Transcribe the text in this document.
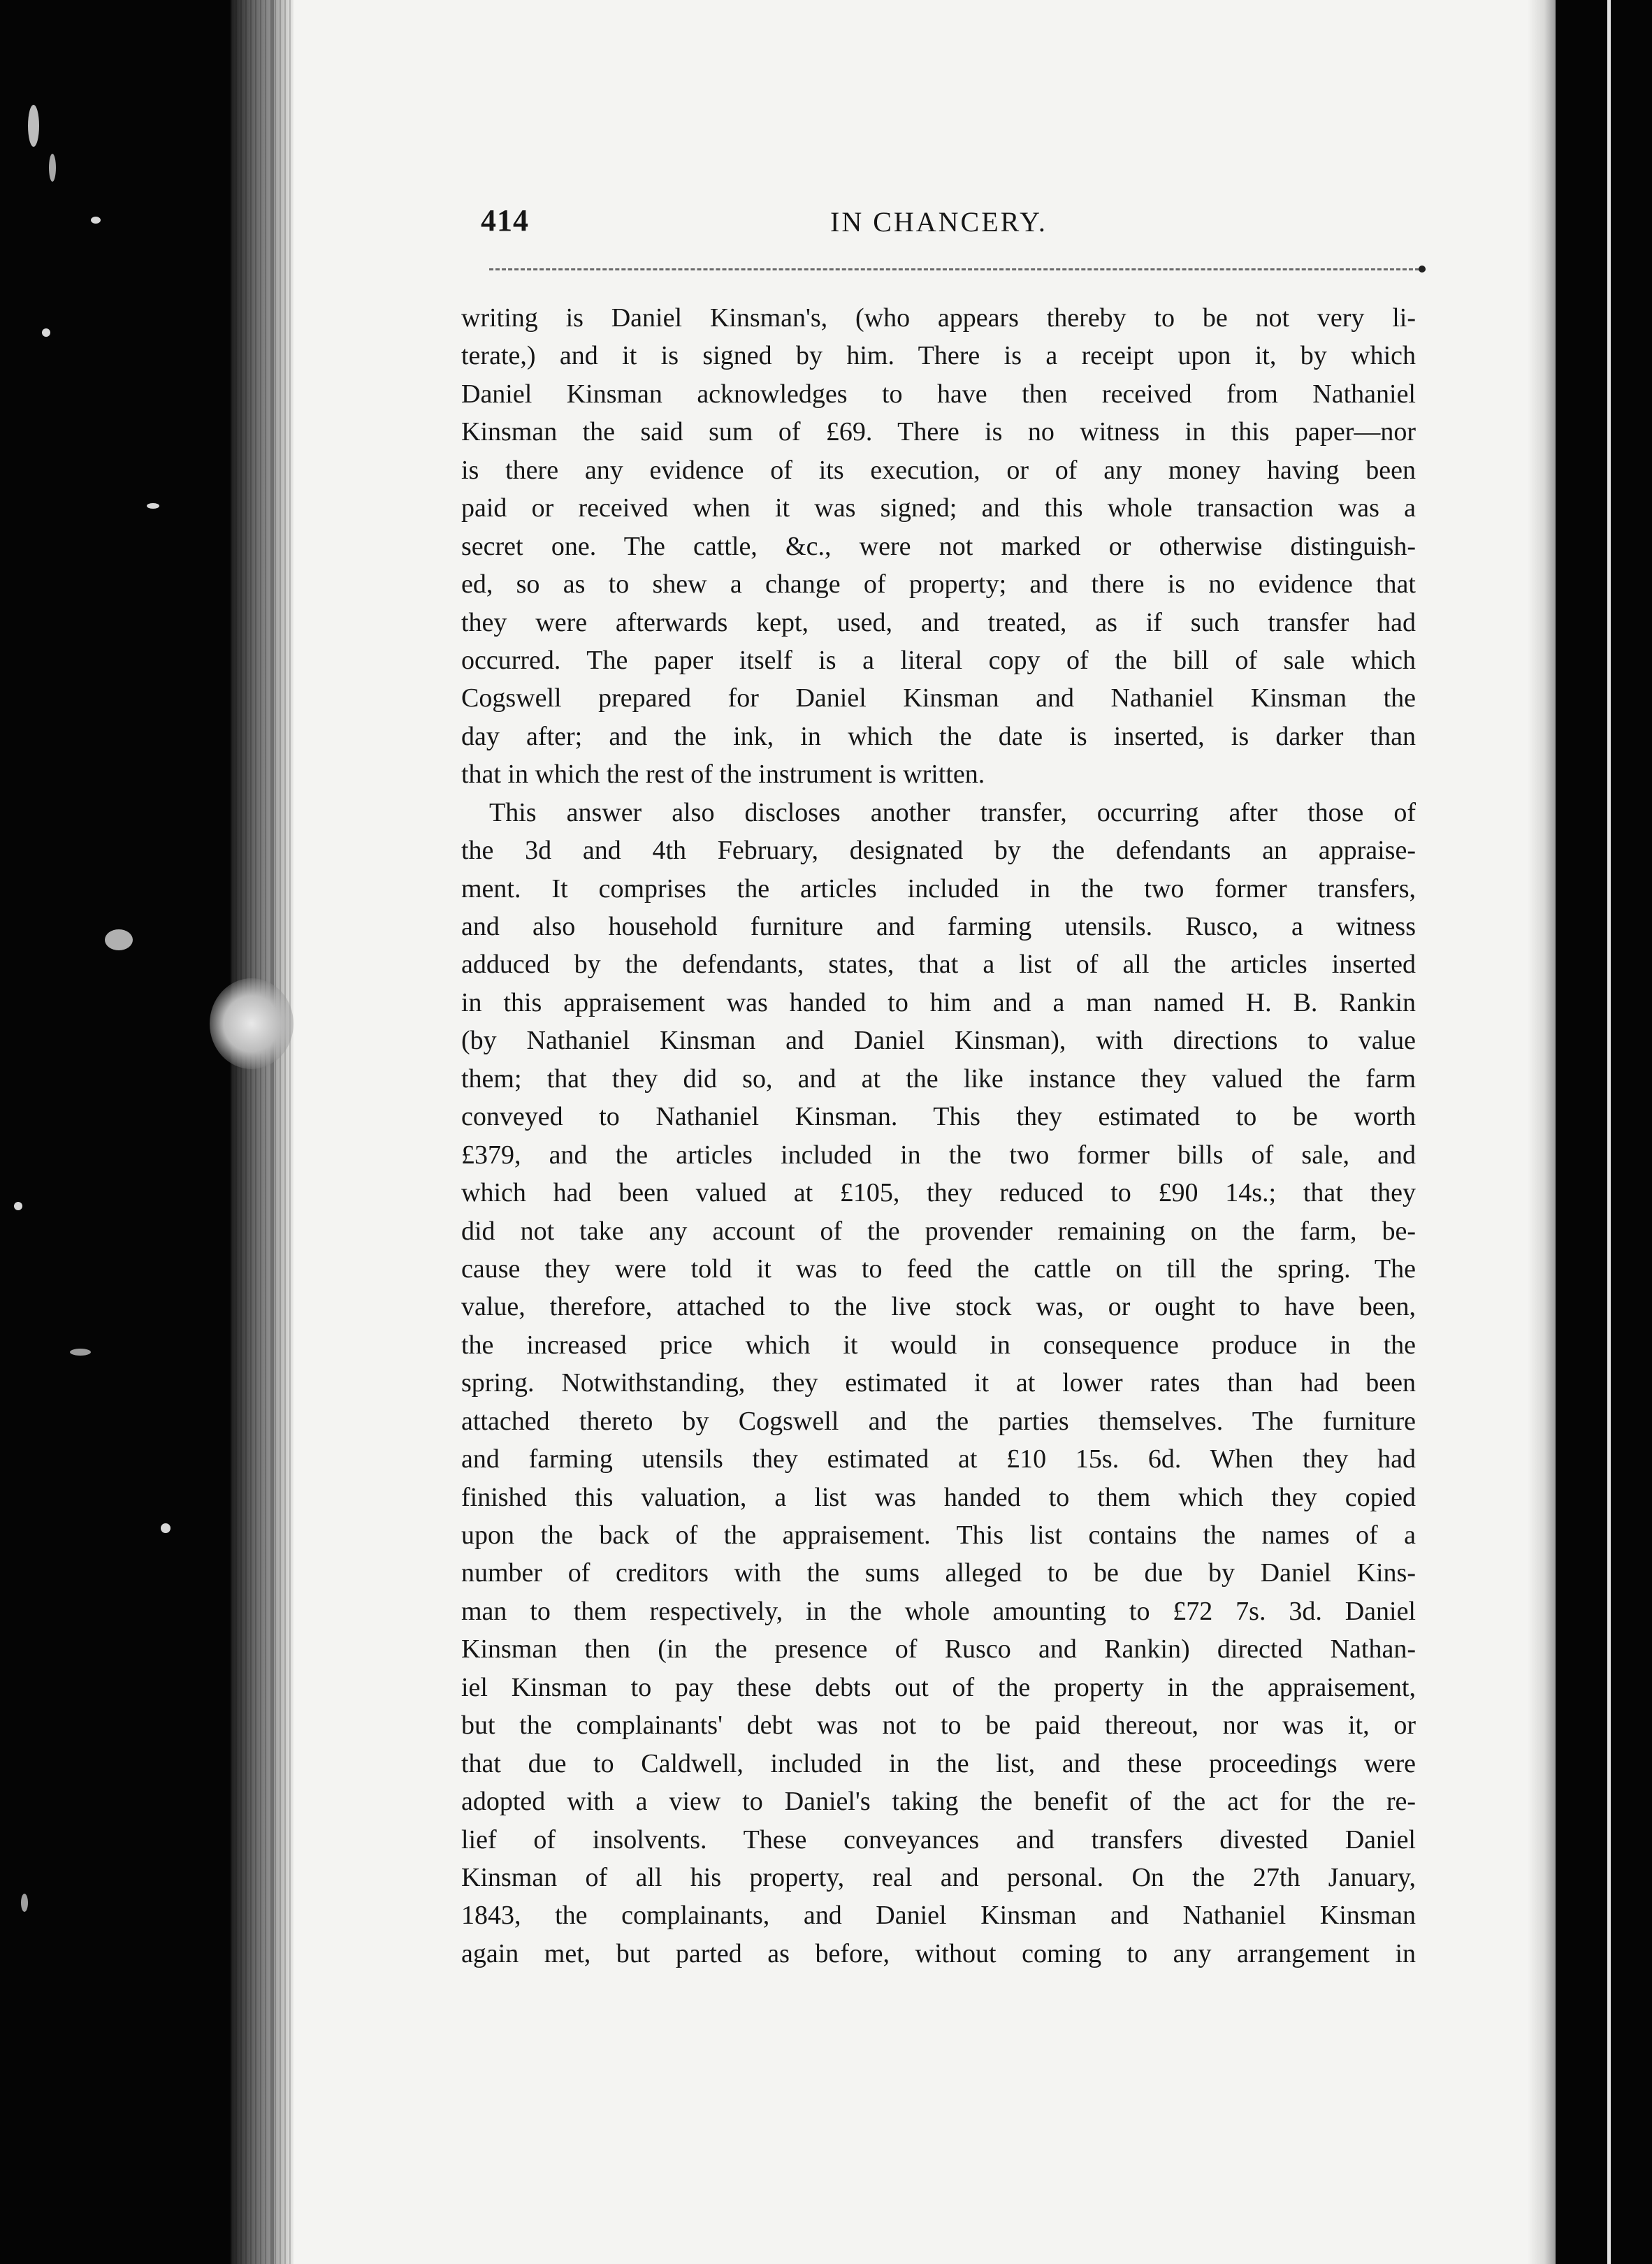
414	IN CHANCERY.
writing is Daniel Kinsman's, (who appears thereby to be not very li-
terate,) and it is signed by him. There is a receipt upon it, by which
Daniel Kinsman acknowledges to have then received from Nathaniel
Kinsman the said sum of £69. There is no witness in this paper—nor
is there any evidence of its execution, or of any money having been
paid or received when it was signed; and this whole transaction was a
secret one. The cattle, &c., were not marked or otherwise distinguish-
ed, so as to shew a change of property; and there is no evidence that
they were afterwards kept, used, and treated, as if such transfer had
occurred. The paper itself is a literal copy of the bill of sale which
Cogswell prepared for Daniel Kinsman and Nathaniel Kinsman the
day after; and the ink, in which the date is inserted, is darker than
that in which the rest of the instrument is written.
This answer also discloses another transfer, occurring after those of
the 3d and 4th February, designated by the defendants an appraise-
ment. It comprises the articles included in the two former transfers,
and also household furniture and farming utensils. Rusco, a witness
adduced by the defendants, states, that a list of all the articles inserted
in this appraisement was handed to him and a man named H. B. Rankin
(by Nathaniel Kinsman and Daniel Kinsman), with directions to value
them; that they did so, and at the like instance they valued the farm
conveyed to Nathaniel Kinsman. This they estimated to be worth
£379, and the articles included in the two former bills of sale, and
which had been valued at £105, they reduced to £90 14s.; that they
did not take any account of the provender remaining on the farm, be-
cause they were told it was to feed the cattle on till the spring. The
value, therefore, attached to the live stock was, or ought to have been,
the increased price which it would in consequence produce in the
spring. Notwithstanding, they estimated it at lower rates than had been
attached thereto by Cogswell and the parties themselves. The furniture
and farming utensils they estimated at £10 15s. 6d. When they had
finished this valuation, a list was handed to them which they copied
upon the back of the appraisement. This list contains the names of a
number of creditors with the sums alleged to be due by Daniel Kins-
man to them respectively, in the whole amounting to £72 7s. 3d. Daniel
Kinsman then (in the presence of Rusco and Rankin) directed Nathan-
iel Kinsman to pay these debts out of the property in the appraisement,
but the complainants' debt was not to be paid thereout, nor was it, or
that due to Caldwell, included in the list, and these proceedings were
adopted with a view to Daniel's taking the benefit of the act for the re-
lief of insolvents. These conveyances and transfers divested Daniel
Kinsman of all his property, real and personal. On the 27th January,
1843, the complainants, and Daniel Kinsman and Nathaniel Kinsman
again met, but parted as before, without coming to any arrangement in
